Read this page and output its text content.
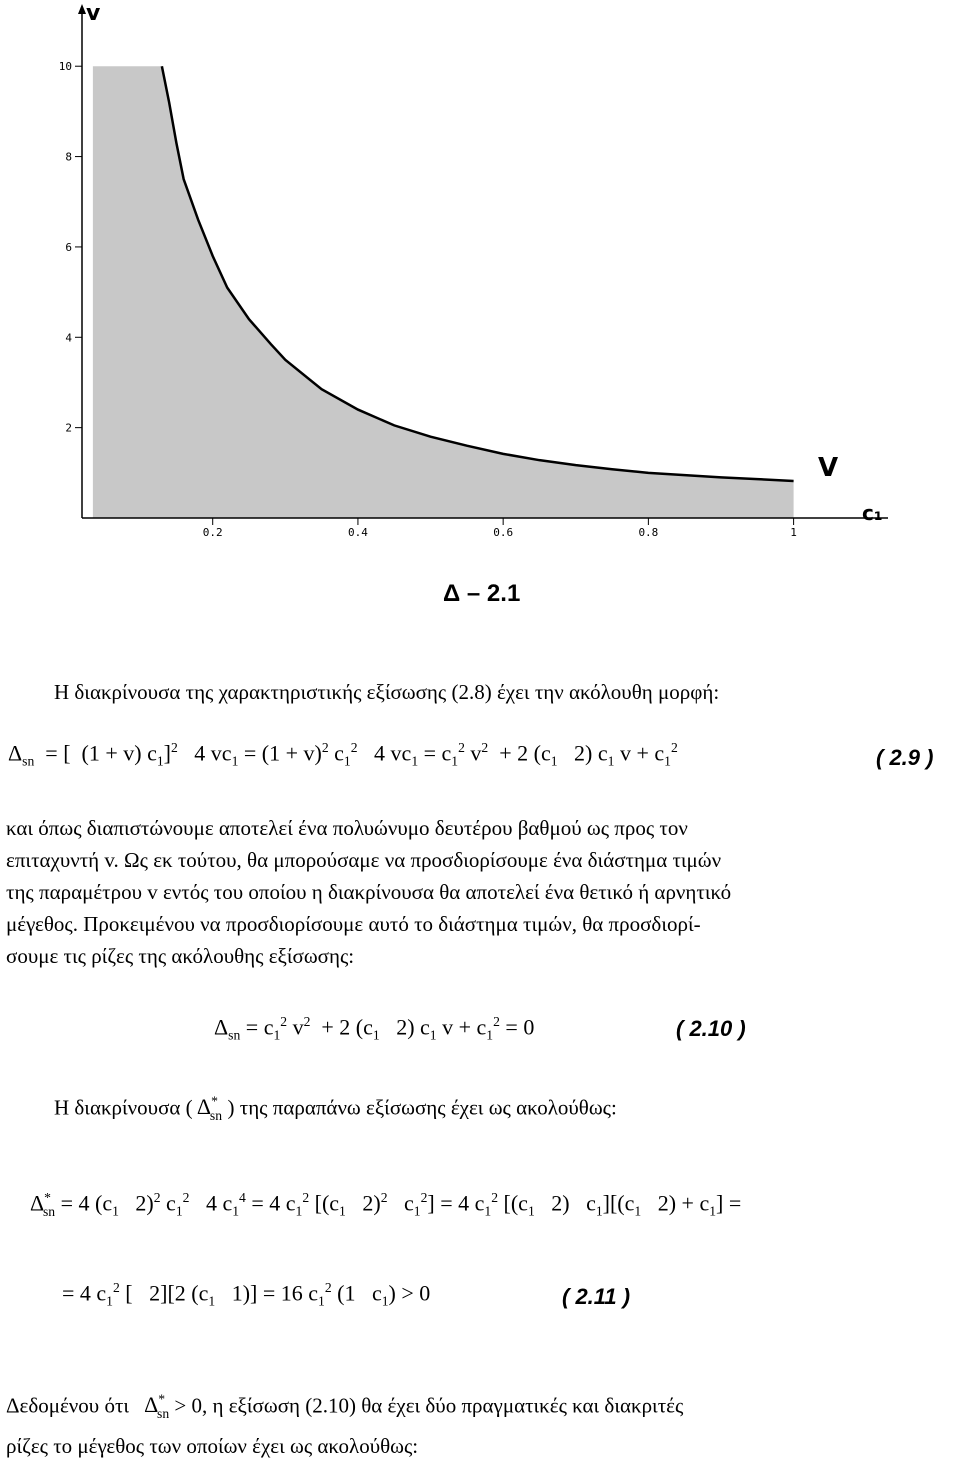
0.2	0.4	0.6	0.8	1
2
4
6
8
10
v
c₁
V
Δ – 2.1
Η διακρίνουσα της χαρακτηριστικής εξίσωσης (2.8) έχει την ακόλουθη μορφή:
$\Delta_{sn}$  = [  (1 + v) $c_1]^2$   4 $vc_1 = (1 + v)^2$ $c_1^2$   4 $vc_1 = c_1^2$ $v^2 + 2$ ($c_1$   2) $c_1$ $v + c_1^2$	( 2.9 )
και όπως διαπιστώνουμε αποτελεί ένα πολυώνυμο δευτέρου βαθμού ως προς τον
επιταχυντή v. Ως εκ τούτου, θα μπορούσαμε να προσδιορίσουμε ένα διάστημα τιμών
της παραμέτρου v εντός του οποίου η διακρίνουσα θα αποτελεί ένα θετικό ή αρνητικό
μέγεθος. Προκειμένου να προσδιορίσουμε αυτό το διάστημα τιμών, θα προσδιορί-
σουμε τις ρίζες της ακόλουθης εξίσωσης:
$\Delta_{sn} = c_1^2$ $v^2 + 2$ ($c_1$   2) $c_1$ $v + c_1^2 = 0$	( 2.10 )
Η διακρίνουσα ( $\Delta^*_{sn}$ ) της παραπάνω εξίσωσης έχει ως ακολούθως:
$\Delta^*_{sn} = 4$ ($c_1$   2)$^2$ $c_1^2$   4 $c_1^4 = 4$ $c_1^2$ [($c_1$   2)$^2$   $c_1^2] = 4$ $c_1^2$ [($c_1$   2)   $c_1][(c_1$   $2) + c_1$] =
= 4 $c_1^2$ [   2][2 ($c_1$   1)] = 16 $c_1^2$ (1   $c_1) > 0$	( 2.11 )
Δεδομένου ότι   $\Delta^*_{sn} > 0$, η εξίσωση (2.10) θα έχει δύο πραγματικές και διακριτές
ρίζες το μέγεθος των οποίων έχει ως ακολούθως:
